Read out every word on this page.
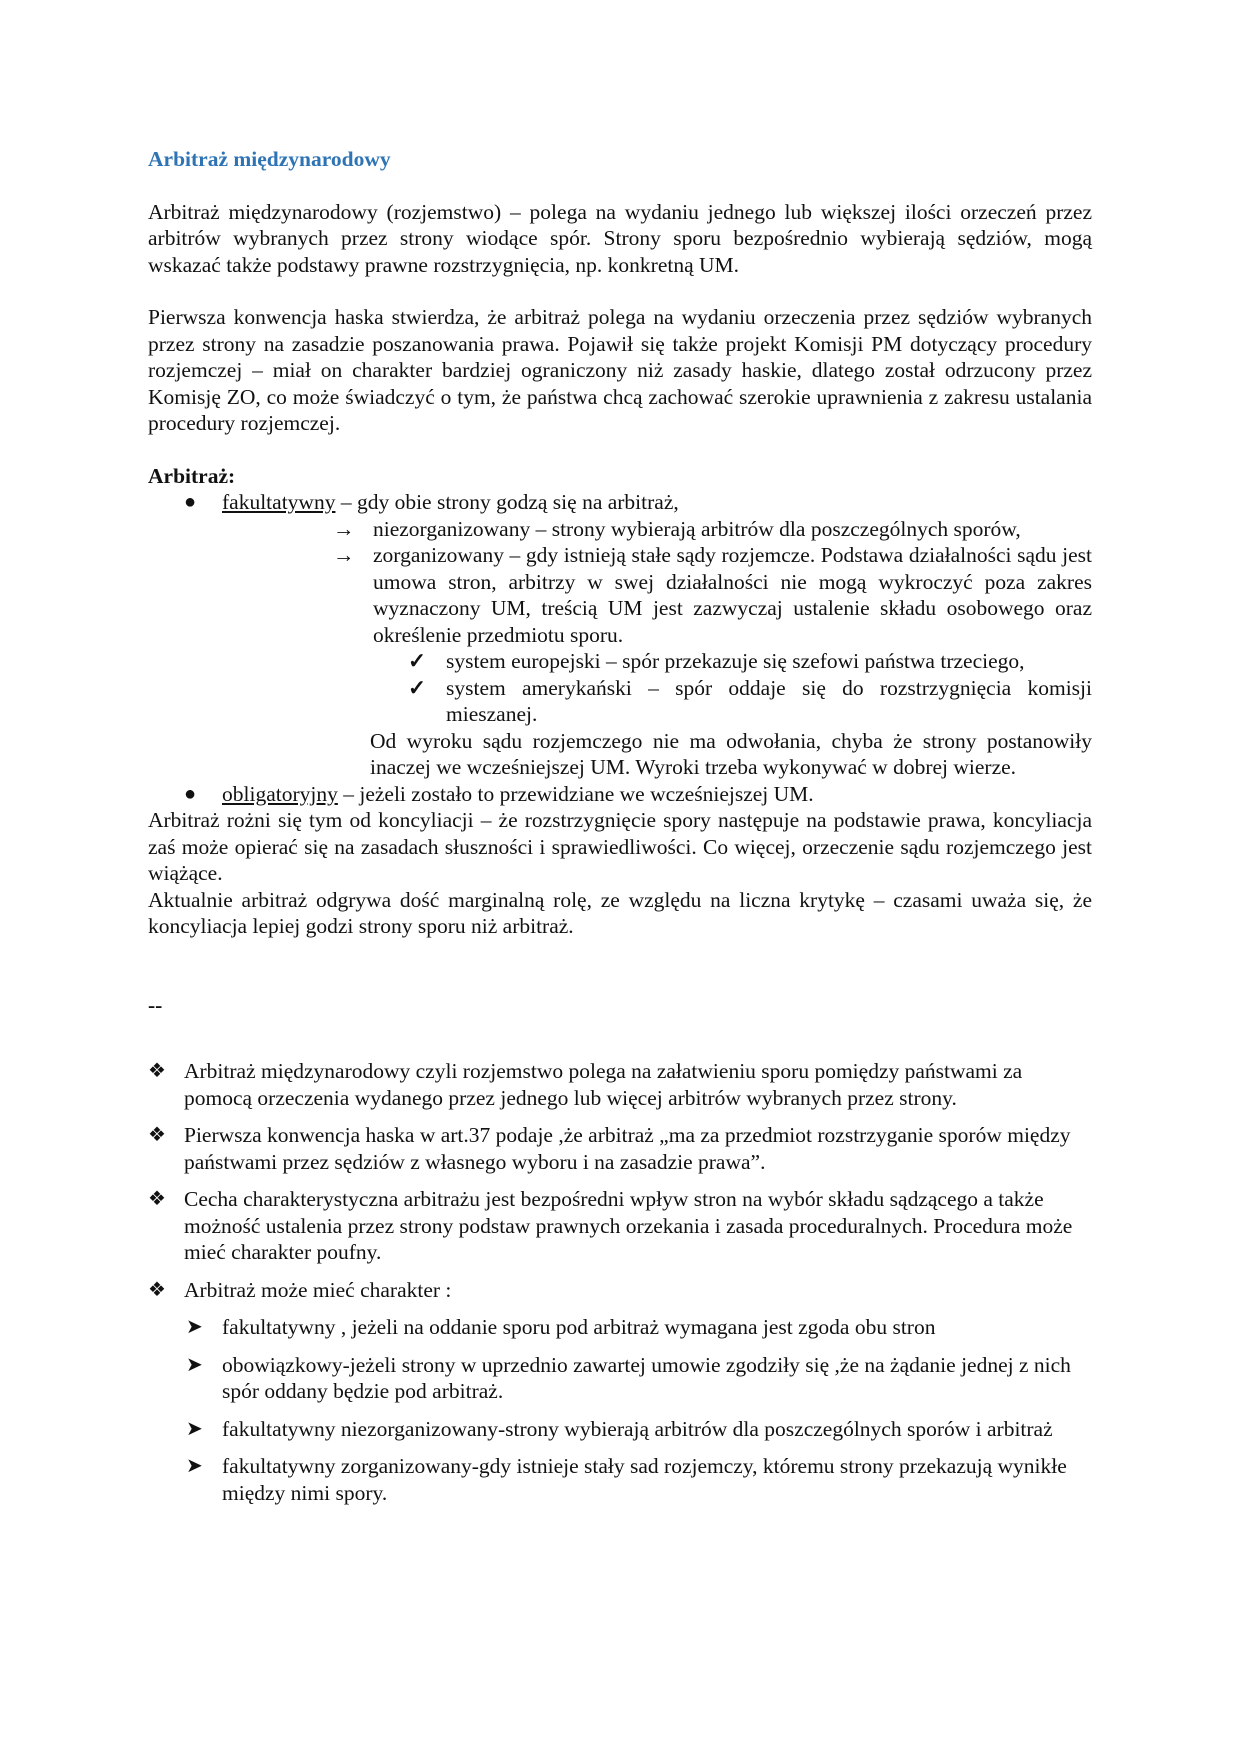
Arbitraż międzynarodowy

Arbitraż międzynarodowy (rozjemstwo) – polega na wydaniu jednego lub większej ilości orzeczeń przez arbitrów wybranych przez strony wiodące spór. Strony sporu bezpośrednio wybierają sędziów, mogą wskazać także podstawy prawne rozstrzygnięcia, np. konkretną UM.

Pierwsza konwencja haska stwierdza, że arbitraż polega na wydaniu orzeczenia przez sędziów wybranych przez strony na zasadzie poszanowania prawa. Pojawił się także projekt Komisji PM dotyczący procedury rozjemczej – miał on charakter bardziej ograniczony niż zasady haskie, dlatego został odrzucony przez Komisję ZO, co może świadczyć o tym, że państwa chcą zachować szerokie uprawnienia z zakresu ustalania procedury rozjemczej.

Arbitraż:

●	fakultatywny – gdy obie strony godzą się na arbitraż,
→ niezorganizowany – strony wybierają arbitrów dla poszczególnych sporów,
→ zorganizowany – gdy istnieją stałe sądy rozjemcze. Podstawa działalności sądu jest umowa stron, arbitrzy w swej działalności nie mogą wykroczyć poza zakres wyznaczony UM, treścią UM jest zazwyczaj ustalenie składu osobowego oraz określenie przedmiotu sporu.
✓ system europejski – spór przekazuje się szefowi państwa trzeciego,
✓ system amerykański – spór oddaje się do rozstrzygnięcia komisji mieszanej.

Od wyroku sądu rozjemczego nie ma odwołania, chyba że strony postanowiły inaczej we wcześniejszej UM. Wyroki trzeba wykonywać w dobrej wierze.

●	obligatoryjny – jeżeli zostało to przewidziane we wcześniejszej UM.

Arbitraż rożni się tym od koncyliacji – że rozstrzygnięcie spory następuje na podstawie prawa, koncyliacja zaś może opierać się na zasadach słuszności i sprawiedliwości. Co więcej, orzeczenie sądu rozjemczego jest wiążące.

Aktualnie arbitraż odgrywa dość marginalną rolę, ze względu na liczna krytykę – czasami uważa się, że koncyliacja lepiej godzi strony sporu niż arbitraż.

--

❖ Arbitraż międzynarodowy czyli rozjemstwo polega na załatwieniu sporu pomiędzy państwami za pomocą orzeczenia wydanego przez jednego lub więcej arbitrów wybranych przez strony.
❖ Pierwsza konwencja haska w art.37 podaje ,że arbitraż „ma za przedmiot rozstrzyganie sporów między państwami przez sędziów z własnego wyboru i na zasadzie prawa”.
❖ Cecha charakterystyczna arbitrażu jest bezpośredni wpływ stron na wybór składu sądzącego a także możność ustalenia przez strony podstaw prawnych orzekania i zasada proceduralnych. Procedura może mieć charakter poufny.
❖ Arbitraż może mieć charakter :
➤ fakultatywny , jeżeli na oddanie sporu pod arbitraż wymagana jest zgoda obu stron
➤ obowiązkowy-jeżeli strony w uprzednio zawartej umowie zgodziły się ,że na żądanie jednej z nich spór oddany będzie pod arbitraż.
➤ fakultatywny niezorganizowany-strony wybierają arbitrów dla poszczególnych sporów i arbitraż
➤ fakultatywny zorganizowany-gdy istnieje stały sad rozjemczy, któremu strony przekazują wynikłe między nimi spory.
